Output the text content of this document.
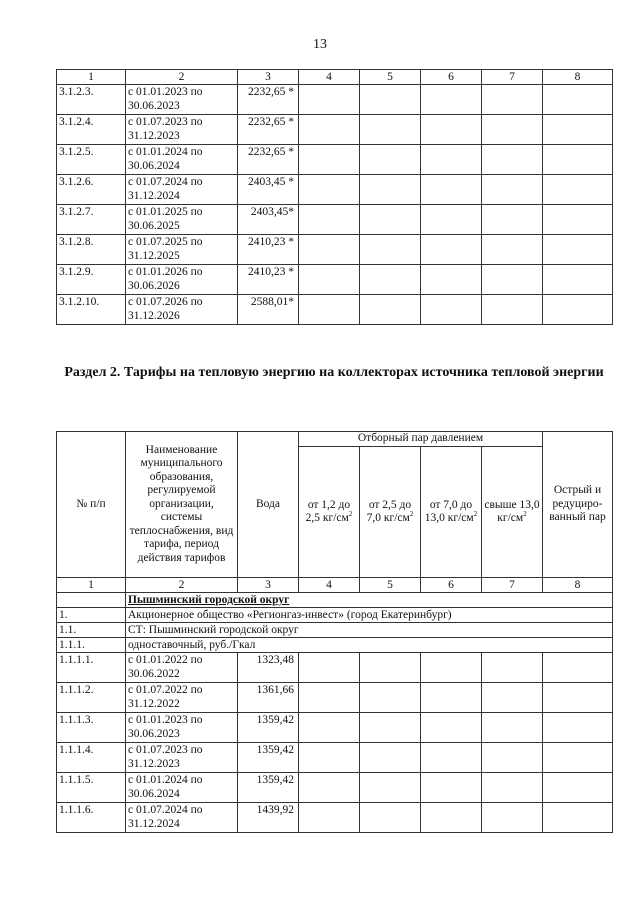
13
1	2	3	4	5	6	7	8
3.1.2.3.	с 01.01.2023 по 30.06.2023	2232,65 *					
3.1.2.4.	с 01.07.2023 по 31.12.2023	2232,65 *					
3.1.2.5.	с 01.01.2024 по 30.06.2024	2232,65 *					
3.1.2.6.	с 01.07.2024 по 31.12.2024	2403,45 *					
3.1.2.7.	с 01.01.2025 по 30.06.2025	2403,45*					
3.1.2.8.	с 01.07.2025 по 31.12.2025	2410,23 *					
3.1.2.9.	с 01.01.2026 по 30.06.2026	2410,23 *					
3.1.2.10.	с 01.07.2026 по 31.12.2026	2588,01*					
Раздел 2. Тарифы на тепловую энергию на коллекторах источника тепловой энергии
№ п/п	Наименование муниципального образования, регулируемой организации, системы теплоснабжения, вид тарифа, период действия тарифов	Вода	Отборный пар давлением				Острый и редуциро-ванный пар
			от 1,2 до 2,5 $кг/см^2$	от 2,5 до 7,0 $кг/см^2$	от 7,0 до 13,0 $кг/см^2$	свыше 13,0 $кг/см^2$
1	2	3	4	5	6	7	8
	Пышминский городской округ						
1.	Акционерное общество «Регионгаз-инвест» (город Екатеринбург)						
1.1.	СТ: Пышминский городской округ						
1.1.1.	одноставочный, руб./Гкал						
1.1.1.1.	с 01.01.2022 по 30.06.2022	1323,48					
1.1.1.2.	с 01.07.2022 по 31.12.2022	1361,66					
1.1.1.3.	с 01.01.2023 по 30.06.2023	1359,42					
1.1.1.4.	с 01.07.2023 по 31.12.2023	1359,42					
1.1.1.5.	с 01.01.2024 по 30.06.2024	1359,42					
1.1.1.6.	с 01.07.2024 по 31.12.2024	1439,92					
